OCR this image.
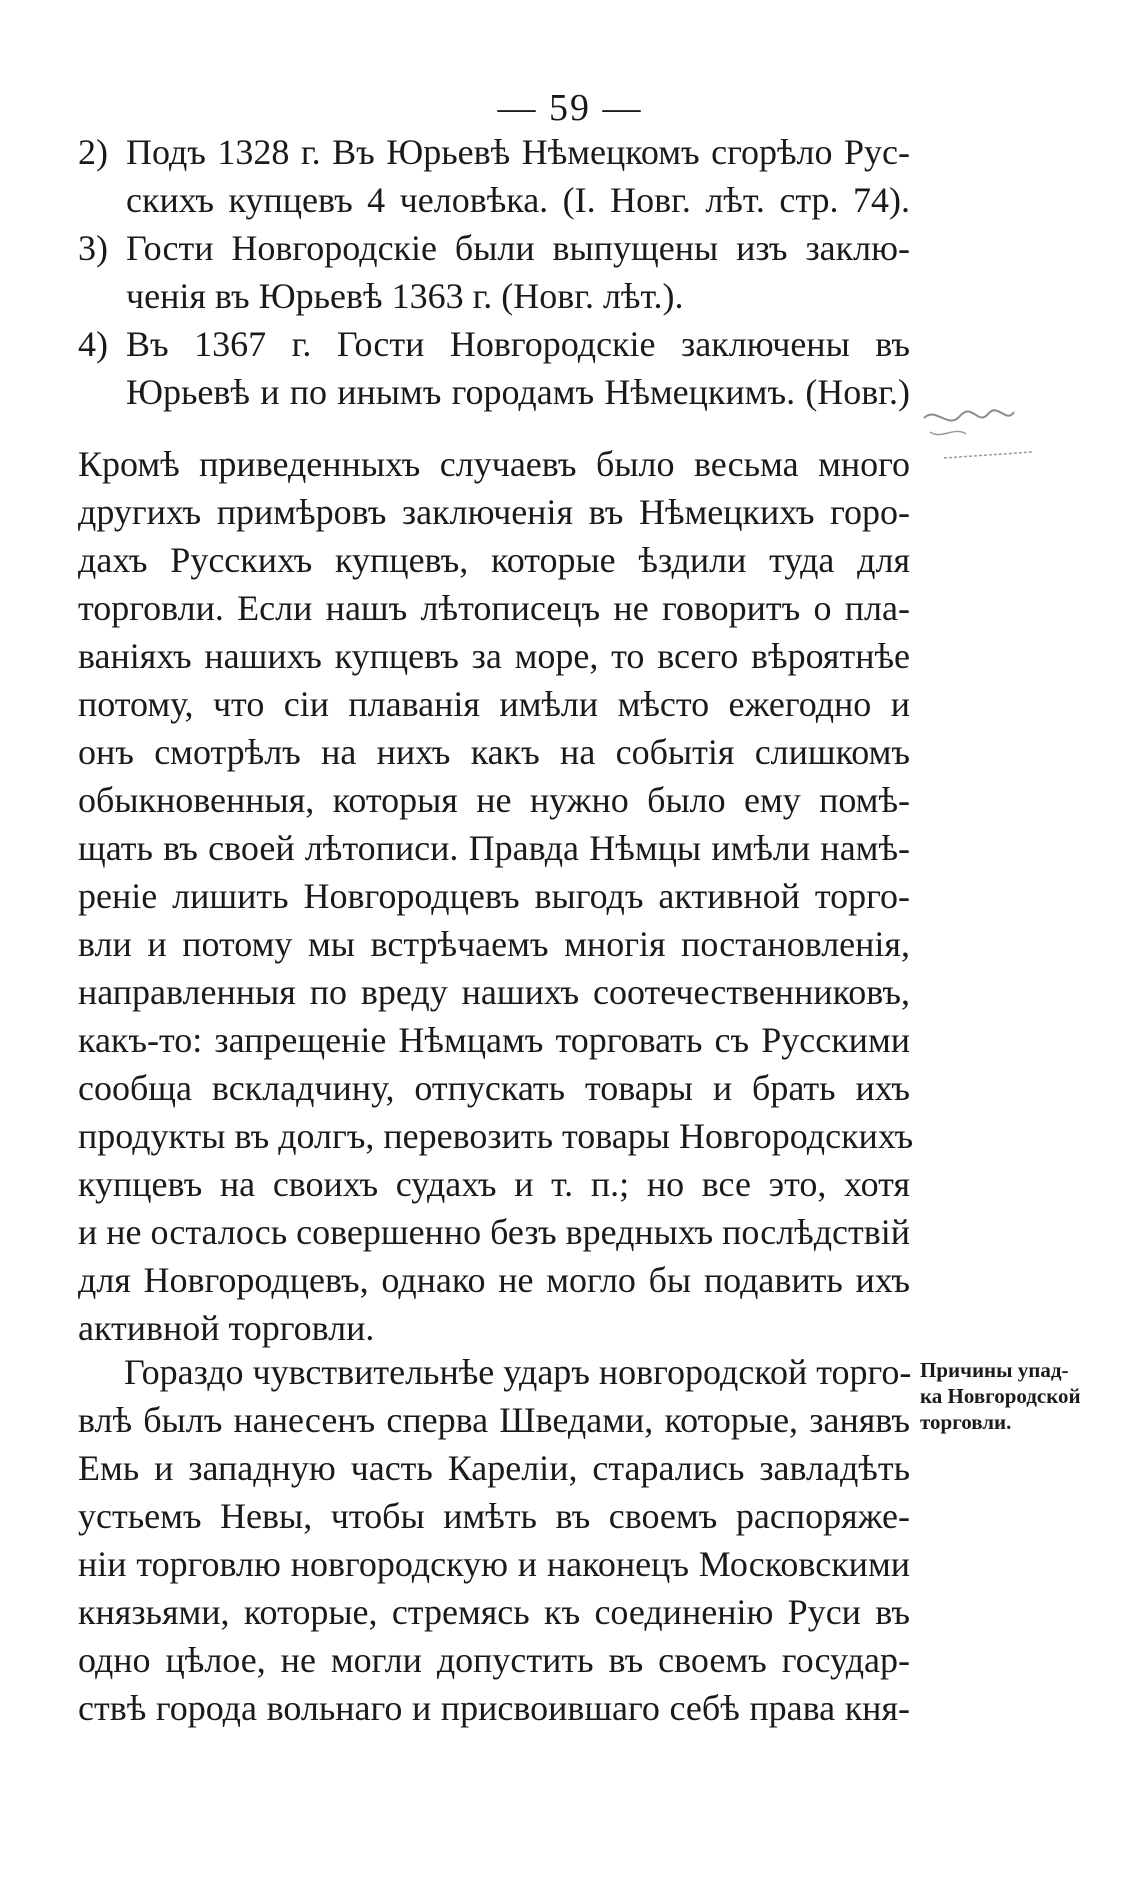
— 59 —
2) Подъ 1328 г. Въ Юрьевѣ Нѣмецкомъ сгорѣло Рус-
скихъ купцевъ 4 человѣка. (I. Новг. лѣт. стр. 74).
3) Гости Новгородскіе были выпущены изъ заклю-
ченія въ Юрьевѣ 1363 г. (Новг. лѣт.).
4) Въ 1367 г. Гости Новгородскіе заключены въ
Юрьевѣ и по инымъ городамъ Нѣмецкимъ. (Новг.)
Кромѣ приведенныхъ случаевъ было весьма много
другихъ примѣровъ заключенія въ Нѣмецкихъ горо-
дахъ Русскихъ купцевъ, которые ѣздили туда для
торговли. Если нашъ лѣтописецъ не говоритъ о пла-
ваніяхъ нашихъ купцевъ за море, то всего вѣроятнѣе
потому, что сіи плаванія имѣли мѣсто ежегодно и
онъ смотрѣлъ на нихъ какъ на событія слишкомъ
обыкновенныя, которыя не нужно было ему помѣ-
щать въ своей лѣтописи. Правда Нѣмцы имѣли намѣ-
реніе лишить Новгородцевъ выгодъ активной торго-
вли и потому мы встрѣчаемъ многія постановленія,
направленныя по вреду нашихъ соотечественниковъ,
какъ-то: запрещеніе Нѣмцамъ торговать съ Русскими
сообща вскладчину, отпускать товары и брать ихъ
продукты въ долгъ, перевозить товары Новгородскихъ
купцевъ на своихъ судахъ и т. п.; но все это, хотя
и не осталось совершенно безъ вредныхъ послѣдствій
для Новгородцевъ, однако не могло бы подавить ихъ
активной торговли.
Гораздо чувствительнѣе ударъ новгородской торго-
влѣ былъ нанесенъ сперва Шведами, которые, занявъ
Емь и западную часть Кареліи, старались завладѣть
устьемъ Невы, чтобы имѣть въ своемъ распоряже-
ніи торговлю новгородскую и наконецъ Московскими
князьями, которые, стремясь къ соединенію Руси въ
одно цѣлое, не могли допустить въ своемъ государ-
ствѣ города вольнаго и присвоившаго себѣ права кня-
Причины упад-
ка Новгородской
торговли.
